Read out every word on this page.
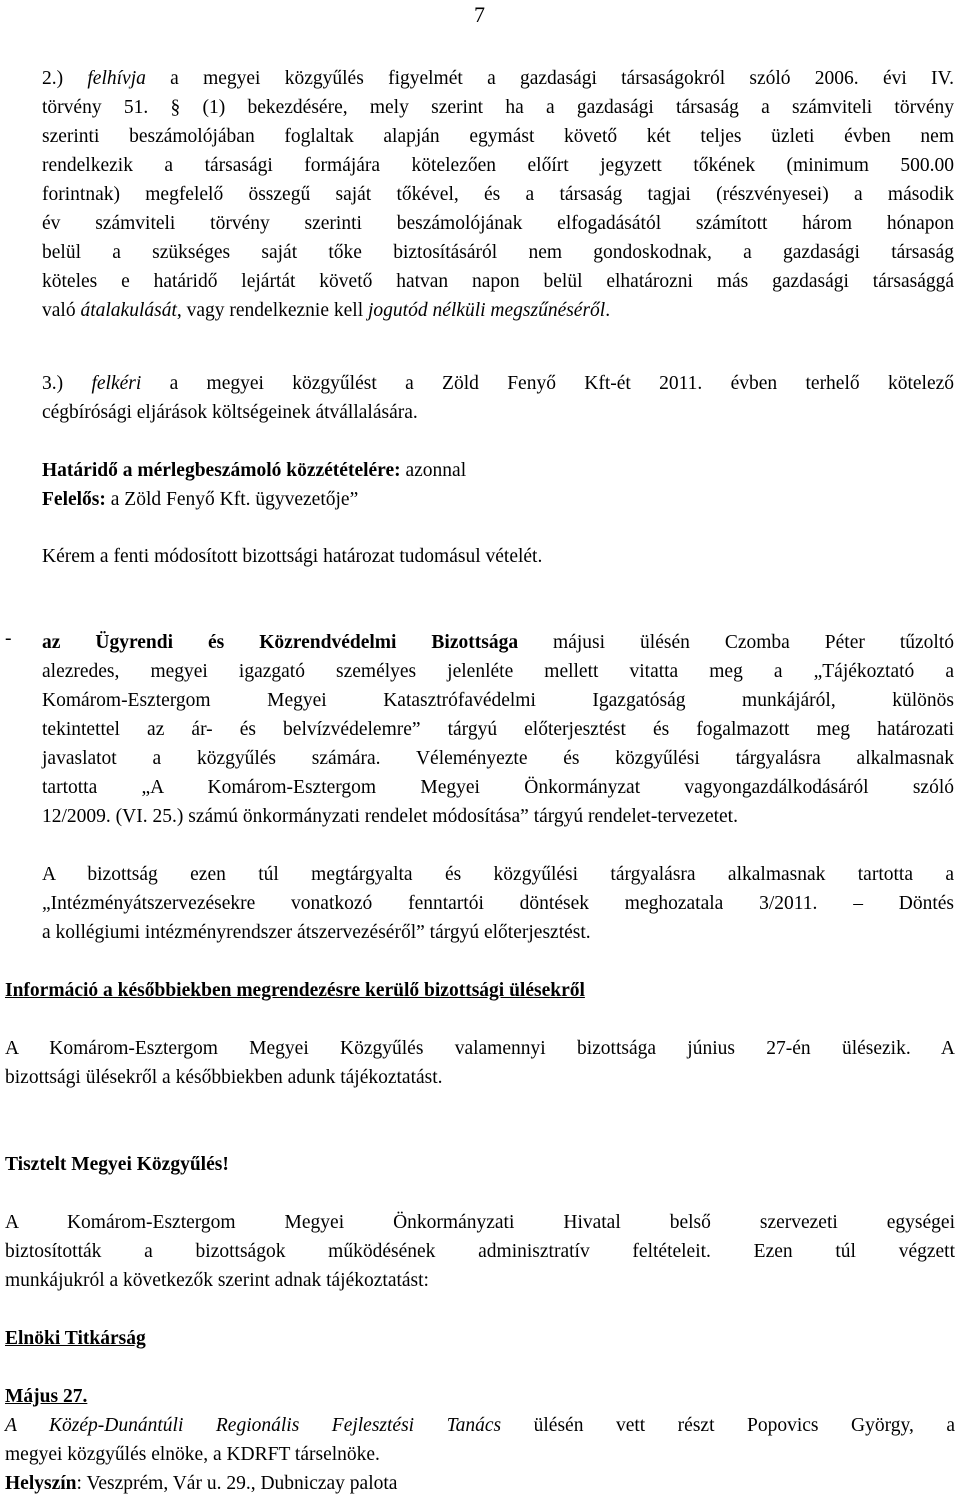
7
2.) felhívja a megyei közgyűlés figyelmét a gazdasági társaságokról szóló 2006. évi IV.
törvény 51. § (1) bekezdésére, mely szerint ha a gazdasági társaság a számviteli törvény
szerinti beszámolójában foglaltak alapján egymást követő két teljes üzleti évben nem
rendelkezik a társasági formájára kötelezően előírt jegyzett tőkének (minimum 500.00
forintnak) megfelelő összegű saját tőkével, és a társaság tagjai (részvényesei) a második
év számviteli törvény szerinti beszámolójának elfogadásától számított három hónapon
belül a szükséges saját tőke biztosításáról nem gondoskodnak, a gazdasági társaság
köteles e határidő lejártát követő hatvan napon belül elhatározni más gazdasági társasággá
való átalakulását, vagy rendelkeznie kell jogutód nélküli megszűnéséről.
3.) felkéri a megyei közgyűlést a Zöld Fenyő Kft-ét 2011. évben terhelő kötelező
cégbírósági eljárások költségeinek átvállalására.
Határidő a mérlegbeszámoló közzétételére: azonnal
Felelős: a Zöld Fenyő Kft. ügyvezetője”
Kérem a fenti módosított bizottsági határozat tudomásul vételét.
- az Ügyrendi és Közrendvédelmi Bizottsága májusi ülésén Czomba Péter tűzoltó
alezredes, megyei igazgató személyes jelenléte mellett vitatta meg a „Tájékoztató a
Komárom-Esztergom Megyei Katasztrófavédelmi Igazgatóság munkájáról, különös
tekintettel az ár- és belvízvédelemre” tárgyú előterjesztést és fogalmazott meg határozati
javaslatot a közgyűlés számára. Véleményezte és közgyűlési tárgyalásra alkalmasnak
tartotta „A Komárom-Esztergom Megyei Önkormányzat vagyongazdálkodásáról szóló
12/2009. (VI. 25.) számú önkormányzati rendelet módosítása” tárgyú rendelet-tervezetet.
A bizottság ezen túl megtárgyalta és közgyűlési tárgyalásra alkalmasnak tartotta a
„Intézményátszervezésekre vonatkozó fenntartói döntések meghozatala 3/2011. – Döntés
a kollégiumi intézményrendszer átszervezéséről” tárgyú előterjesztést.
Információ a későbbiekben megrendezésre kerülő bizottsági ülésekről
A Komárom-Esztergom Megyei Közgyűlés valamennyi bizottsága június 27-én ülésezik. A
bizottsági ülésekről a későbbiekben adunk tájékoztatást.
Tisztelt Megyei Közgyűlés!
A Komárom-Esztergom Megyei Önkormányzati Hivatal belső szervezeti egységei
biztosították a bizottságok működésének adminisztratív feltételeit. Ezen túl végzett
munkájukról a következők szerint adnak tájékoztatást:
Elnöki Titkárság
Május 27.
A Közép-Dunántúli Regionális Fejlesztési Tanács ülésén vett részt Popovics György, a
megyei közgyűlés elnöke, a KDRFT társelnöke.
Helyszín: Veszprém, Vár u. 29., Dubniczay palota
